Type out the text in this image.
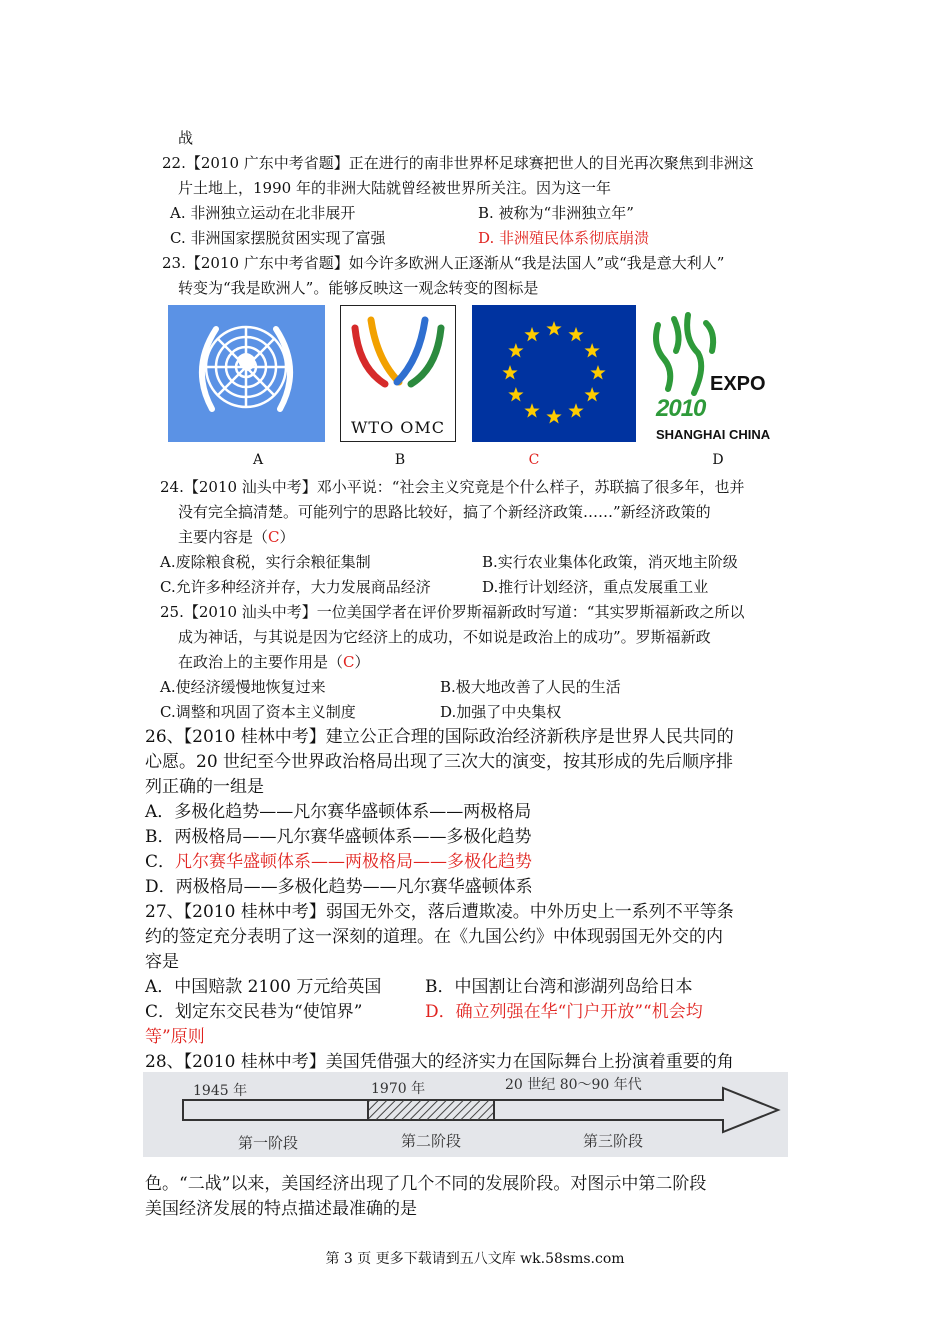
战
22.【2010 广东中考省题】正在进行的南非世界杯足球赛把世人的目光再次聚焦到非洲这
片土地上，1990 年的非洲大陆就曾经被世界所关注。因为这一年
A. 非洲独立运动在北非展开	B. 被称为“非洲独立年”
C. 非洲国家摆脱贫困实现了富强	D. 非洲殖民体系彻底崩溃
23.【2010 广东中考省题】如今许多欧洲人正逐渐从“我是法国人”或“我是意大利人”
转变为“我是欧洲人”。能够反映这一观念转变的图标是
WTO OMC
EXPO
2010
SHANGHAI CHINA
A	B	C	D
24.【2010 汕头中考】邓小平说：“社会主义究竟是个什么样子，苏联搞了很多年，也并
没有完全搞清楚。可能列宁的思路比较好，搞了个新经济政策……”新经济政策的
主要内容是（C）
A.废除粮食税，实行余粮征集制	B.实行农业集体化政策，消灭地主阶级
C.允许多种经济并存，大力发展商品经济	D.推行计划经济，重点发展重工业
25.【2010 汕头中考】一位美国学者在评价罗斯福新政时写道：“其实罗斯福新政之所以
成为神话，与其说是因为它经济上的成功，不如说是政治上的成功”。罗斯福新政
在政治上的主要作用是（C）
A.使经济缓慢地恢复过来	B.极大地改善了人民的生活
C.调整和巩固了资本主义制度	D.加强了中央集权
26、【2010 桂林中考】建立公正合理的国际政治经济新秩序是世界人民共同的
心愿。20 世纪至今世界政治格局出现了三次大的演变，按其形成的先后顺序排
列正确的一组是
A．多极化趋势——凡尔赛华盛顿体系——两极格局
B．两极格局——凡尔赛华盛顿体系——多极化趋势
C．凡尔赛华盛顿体系——两极格局——多极化趋势
D．两极格局——多极化趋势——凡尔赛华盛顿体系
27、【2010 桂林中考】弱国无外交，落后遭欺凌。中外历史上一系列不平等条
约的签定充分表明了这一深刻的道理。在《九国公约》中体现弱国无外交的内
容是
A．中国赔款 2100 万元给英国	B．中国割让台湾和澎湖列岛给日本
C．划定东交民巷为“使馆界”	D．确立列强在华“门户开放”“机会均
等”原则
28、【2010 桂林中考】美国凭借强大的经济实力在国际舞台上扮演着重要的角
1945 年	1970 年	20 世纪 80～90 年代
第一阶段	第二阶段	第三阶段
色。“二战”以来，美国经济出现了几个不同的发展阶段。对图示中第二阶段
美国经济发展的特点描述最准确的是
第 3 页 更多下载请到五八文库 wk.58sms.com
